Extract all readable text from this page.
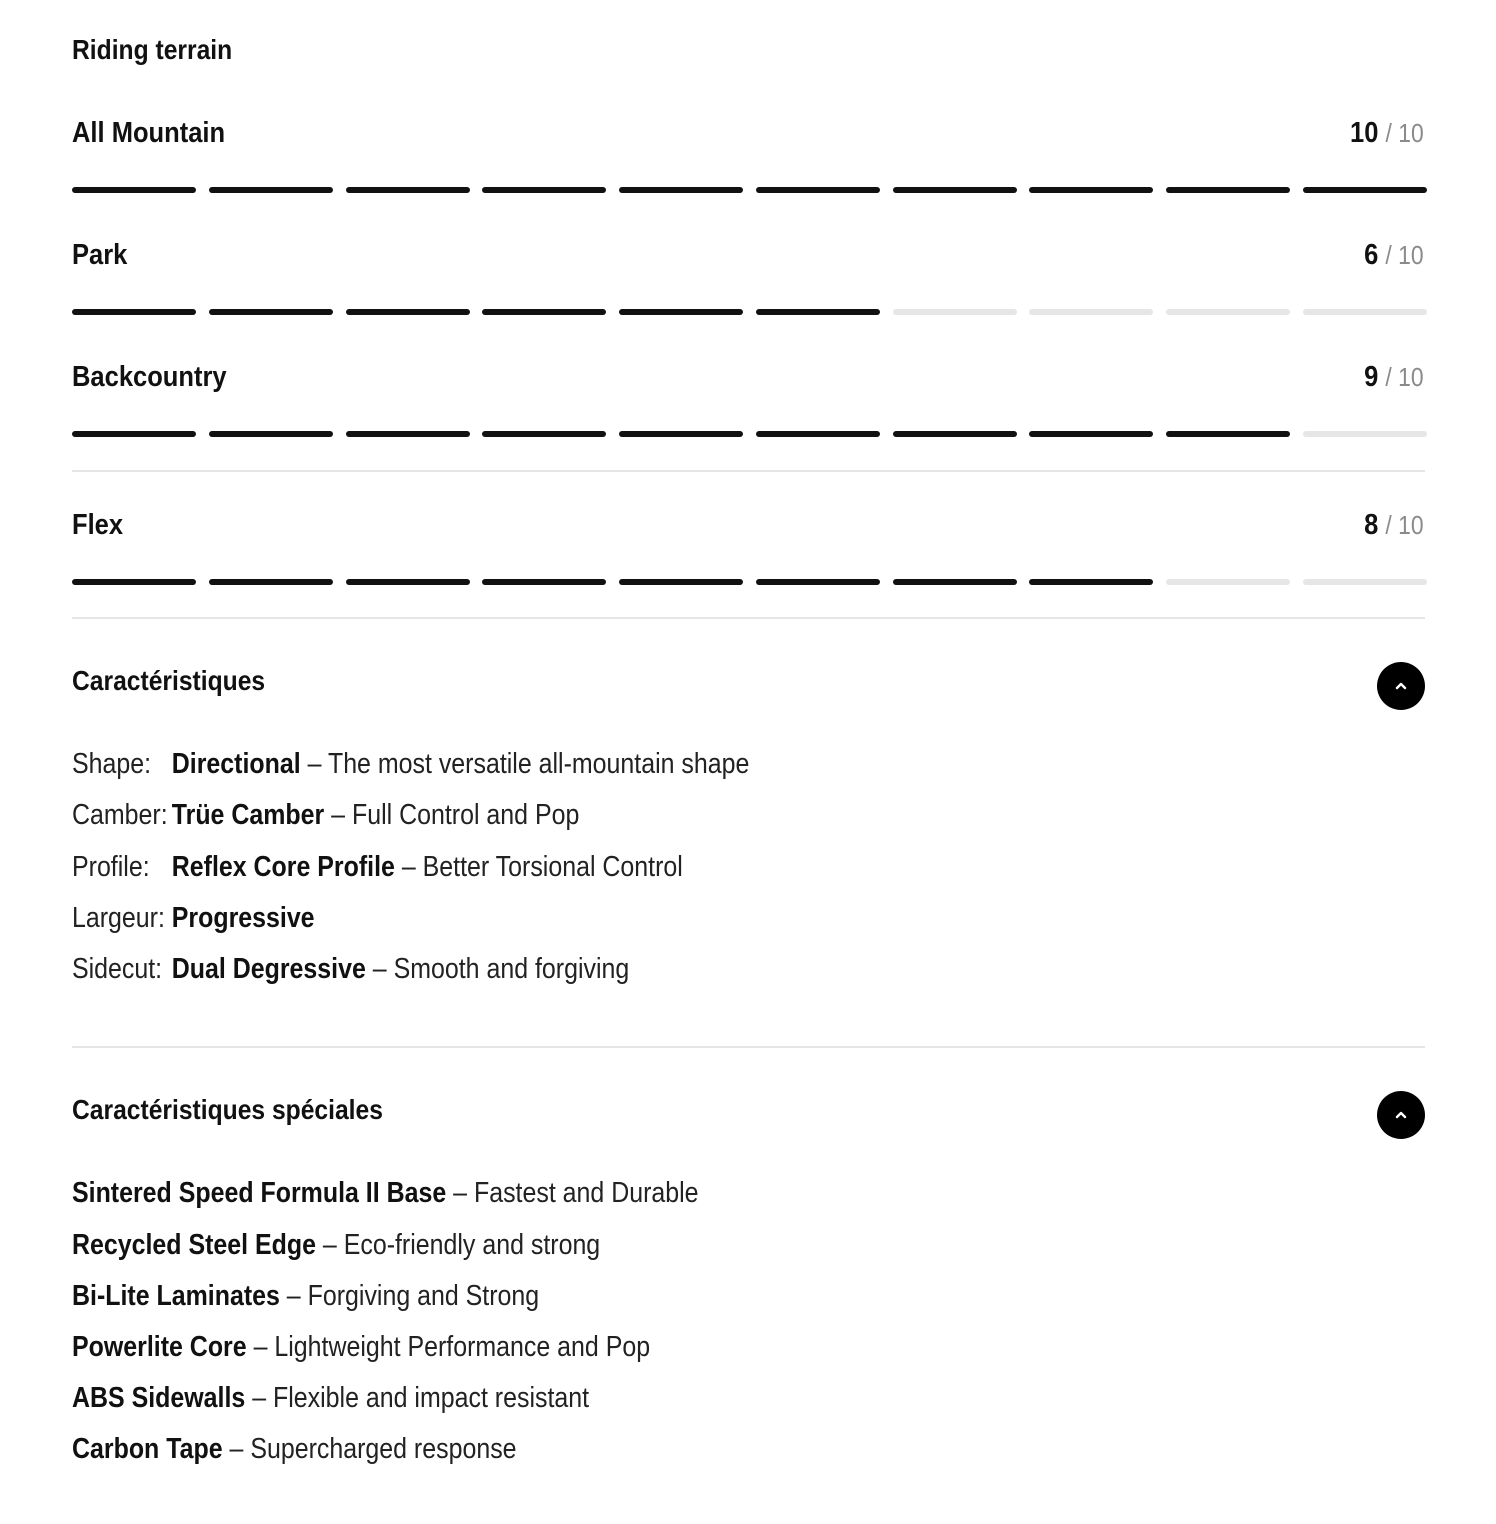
Riding terrain
All Mountain	10 / 10
Park	6 / 10
Backcountry	9 / 10
Flex	8 / 10
Caractéristiques
Shape: Directional – The most versatile all-mountain shape
Camber: Trüe Camber – Full Control and Pop
Profile: Reflex Core Profile – Better Torsional Control
Largeur: Progressive
Sidecut: Dual Degressive – Smooth and forgiving
Caractéristiques spéciales
Sintered Speed Formula II Base – Fastest and Durable
Recycled Steel Edge – Eco-friendly and strong
Bi-Lite Laminates – Forgiving and Strong
Powerlite Core – Lightweight Performance and Pop
ABS Sidewalls – Flexible and impact resistant
Carbon Tape – Supercharged response
